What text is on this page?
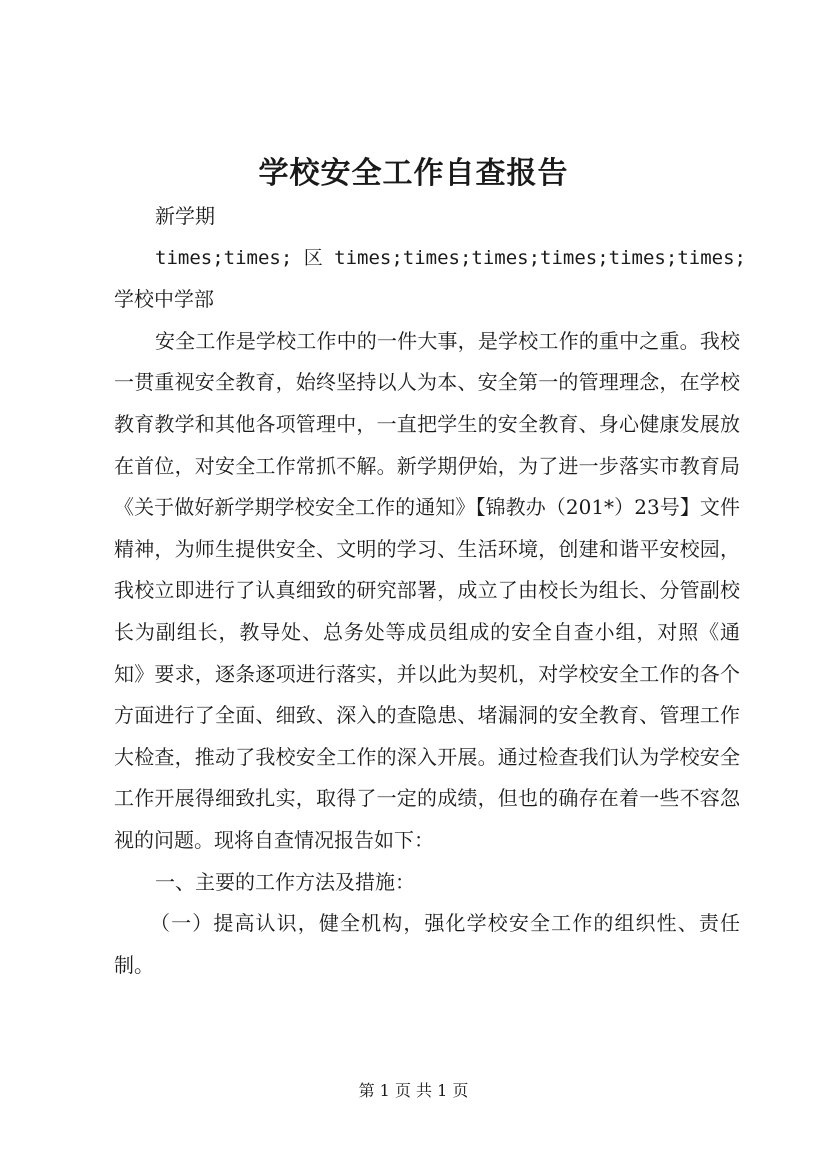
学校安全工作自查报告

新学期

times;times; 区 times;times;times;times;times;times;

学校中学部

安全工作是学校工作中的一件大事，是学校工作的重中之重。我校一贯重视安全教育，始终坚持以人为本、安全第一的管理理念，在学校教育教学和其他各项管理中，一直把学生的安全教育、身心健康发展放在首位，对安全工作常抓不解。新学期伊始，为了进一步落实市教育局《关于做好新学期学校安全工作的通知》【锦教办（201*）23号】文件精神，为师生提供安全、文明的学习、生活环境，创建和谐平安校园，我校立即进行了认真细致的研究部署，成立了由校长为组长、分管副校长为副组长，教导处、总务处等成员组成的安全自查小组，对照《通知》要求，逐条逐项进行落实，并以此为契机，对学校安全工作的各个方面进行了全面、细致、深入的查隐患、堵漏洞的安全教育、管理工作大检查，推动了我校安全工作的深入开展。通过检查我们认为学校安全工作开展得细致扎实，取得了一定的成绩，但也的确存在着一些不容忽视的问题。现将自查情况报告如下：

一、主要的工作方法及措施：

（一）提高认识，健全机构，强化学校安全工作的组织性、责任制。

第 1 页 共 1 页
